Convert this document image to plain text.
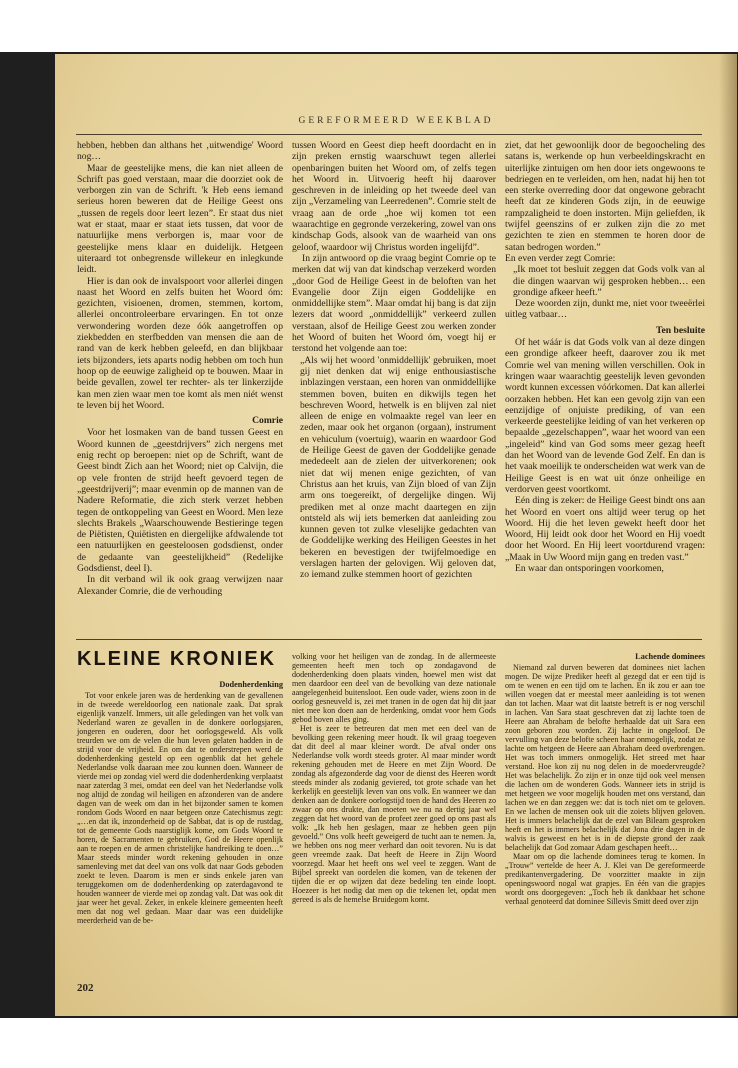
GEREFORMEERD WEEKBLAD

hebben, hebben dan althans het ‚uitwendige' Woord nog…

Maar de geestelijke mens, die kan niet alleen de Schrift pas goed verstaan, maar die doorziet ook de verborgen zin van de Schrift. 'k Heb eens iemand serieus horen beweren dat de Heilige Geest ons „tussen de regels door leert lezen”. Er staat dus niet wat er staat, maar er staat iets tussen, dat voor de natuurlijke mens verborgen is, maar voor de geestelijke mens klaar en duidelijk. Hetgeen uiteraard tot onbegrensde willekeur en inlegkunde leidt.

Hier is dan ook de invalspoort voor allerlei dingen naast het Woord en zelfs buiten het Woord óm: gezichten, visioenen, dromen, stemmen, kortom, allerlei oncontroleerbare ervaringen. En tot onze verwondering worden deze óók aangetroffen op ziekbedden en sterfbedden van mensen die aan de rand van de kerk hebben geleefd, en dan blijkbaar iets bijzonders, iets aparts nodig hebben om toch hun hoop op de eeuwige zaligheid op te bouwen. Maar in beide gevallen, zowel ter rechter- als ter linkerzijde kan men zien waar men toe komt als men niét wenst te leven bij het Woord.

Comrie

Voor het losmaken van de band tussen Geest en Woord kunnen de „geestdrijvers” zich nergens met enig recht op beroepen: niet op de Schrift, want de Geest bindt Zich aan het Woord; niet op Calvijn, die op vele fronten de strijd heeft gevoerd tegen de „geestdrijverij”; maar evenmin op de mannen van de Nadere Reformatie, die zich sterk verzet hebben tegen de ontkoppeling van Geest en Woord. Men leze slechts Brakels „Waarschouwende Bestieringe tegen de Piëtisten, Quiëtisten en diergelijke afdwalende tot een natuurlijken en geesteloosen godsdienst, onder de gedaante van geestelijkheid” (Redelijke Godsdienst, deel I).

In dit verband wil ik ook graag verwijzen naar Alexander Comrie, die de verhouding

tussen Woord en Geest diep heeft doordacht en in zijn preken ernstig waarschuwt tegen allerlei openbaringen buiten het Woord om, of zelfs tegen het Woord in. Uitvoerig heeft hij daarover geschreven in de inleiding op het tweede deel van zijn „Verzameling van Leerredenen”. Comrie stelt de vraag aan de orde „hoe wij komen tot een waarachtige en gegronde verzekering, zowel van ons kindschap Gods, alsook van de waarheid van ons geloof, waardoor wij Christus worden ingelijfd”.

In zijn antwoord op die vraag begint Comrie op te merken dat wij van dat kindschap verzekerd worden „door God de Heilige Geest in de beloften van het Evangelie door Zijn eigen Goddelijke en onmiddellijke stem”. Maar omdat hij bang is dat zijn lezers dat woord „onmiddellijk” verkeerd zullen verstaan, alsof de Heilige Geest zou werken zonder het Woord of buiten het Woord óm, voegt hij er terstond het volgende aan toe:

„Als wij het woord 'onmiddellijk' gebruiken, moet gij niet denken dat wij enige enthousiastische inblazingen verstaan, een horen van onmiddellijke stemmen boven, buiten en dikwijls tegen het beschreven Woord, hetwelk is en blijven zal niet alleen de enige en volmaakte regel van leer en zeden, maar ook het organon (orgaan), instrument en vehiculum (voertuig), waarin en waardoor God de Heilige Geest de gaven der Goddelijke genade mededeelt aan de zielen der uitverkorenen; ook niet dat wij menen enige gezichten, of van Christus aan het kruis, van Zijn bloed of van Zijn arm ons toegereikt, of dergelijke dingen. Wij prediken met al onze macht daartegen en zijn ontsteld als wij iets bemerken dat aanleiding zou kunnen geven tot zulke vleselijke gedachten van de Goddelijke werking des Heiligen Geestes in het bekeren en bevestigen der twijfelmoedige en verslagen harten der gelovigen. Wij geloven dat, zo iemand zulke stemmen hoort of gezichten

ziet, dat het gewoonlijk door de begoocheling des satans is, werkende op hun verbeeldingskracht en uiterlijke zintuigen om hen door iets ongewoons te bedriegen en te verleiden, om hen, nadat hij hen tot een sterke overreding door dat ongewone gebracht heeft dat ze kinderen Gods zijn, in de eeuwige rampzaligheid te doen instorten. Mijn geliefden, ik twijfel geenszins of er zulken zijn die zo met gezichten te zien en stemmen te horen door de satan bedrogen worden.”

En even verder zegt Comrie:

„Ik moet tot besluit zeggen dat Gods volk van al die dingen waarvan wij gesproken hebben… een grondige afkeer heeft.”

Deze woorden zijn, dunkt me, niet voor tweeërlei uitleg vatbaar…

Ten besluite

Of het wáár is dat Gods volk van al deze dingen een grondige afkeer heeft, daarover zou ik met Comrie wel van mening willen verschillen. Ook in kringen waar waarachtig geestelijk leven gevonden wordt kunnen excessen vóórkomen. Dat kan allerlei oorzaken hebben. Het kan een gevolg zijn van een eenzijdige of onjuiste prediking, of van een verkeerde geestelijke leiding of van het verkeren op bepaalde „gezelschappen”, waar het woord van een „ingeleid” kind van God soms meer gezag heeft dan het Woord van de levende God Zelf. En dan is het vaak moeilijk te onderscheiden wat werk van de Heilige Geest is en wat uit ónze onheilige en verdorven geest voortkomt.

Eén ding is zeker: de Heilige Geest bindt ons aan het Woord en voert ons altijd weer terug op het Woord. Hij die het leven gewekt heeft door het Woord, Hij leidt ook door het Woord en Hij voedt door het Woord. En Hij leert voortdurend vragen: „Maak in Uw Woord mijn gang en treden vast.”

En waar dan ontsporingen voorkomen,

KLEINE KRONIEK
Dodenherdenking

Tot voor enkele jaren was de herdenking van de gevallenen in de tweede wereldoorlog een nationale zaak. Dat sprak eigenlijk vanzelf. Immers, uit alle geledingen van het volk van Nederland waren ze gevallen in de donkere oorlogsjaren, jongeren en ouderen, door het oorlogsgeweld. Als volk treurden we om de velen die hun leven gelaten hadden in de strijd voor de vrijheid. En om dat te onderstrepen werd de dodenherdenking gesteld op een ogenblik dat het gehele Nederlandse volk daaraan mee zou kunnen doen. Wanneer de vierde mei op zondag viel werd die dodenherdenking verplaatst naar zaterdag 3 mei, omdat een deel van het Nederlandse volk nog altijd de zondag wil heiligen en afzonderen van de andere dagen van de week om dan in het bijzonder samen te komen rondom Gods Woord en naar betgeen onze Catechismus zegt: „…en dat ik, inzonderheid op de Sabbat, dat is op de rustdag, tot de gemeente Gods naarstiglijk kome, om Gods Woord te horen, de Sacramenten te gebruiken, God de Heere openlijk aan te roepen en de armen christelijke handreiking te doen…” Maar steeds minder wordt rekening gehouden in onze samenleving met dat deel van ons volk dat naar Gods geboden zoekt te leven. Daarom is men er sinds enkele jaren van teruggekomen om de dodenherdenking op zaterdagavond te houden wanneer de vierde mei op zondag valt. Dat was ook dit jaar weer het geval. Zeker, in enkele kleinere gemeenten heeft men dat nog wel gedaan. Maar daar was een duidelijke meerderheid van de be-

volking voor het heiligen van de zondag. In de allermeeste gemeenten heeft men toch op zondagavond de dodenherdenking doen plaats vinden, hoewel men wist dat men daardoor een deel van de bevolking van deze nationale aangelegenheid buitensloot. Een oude vader, wiens zoon in de oorlog gesneuveld is, zei met tranen in de ogen dat hij dit jaar niet mee kon doen aan de herdenking, omdat voor hem Gods gebod boven alles ging.

Het is zeer te betreuren dat men met een deel van de bevolking geen rekening meer houdt. Ik wil graag toegeven dat dit deel al maar kleiner wordt. De afval onder ons Nederlandse volk wordt steeds groter. Al maar minder wordt rekening gehouden met de Heere en met Zijn Woord. De zondag als afgezonderde dag voor de dienst des Heeren wordt steeds minder als zodanig geviered, tot grote schade van het kerkelijk en geestelijk leven van ons volk. En wanneer we dan denken aan de donkere oorlogstijd toen de hand des Heeren zo zwaar op ons drukte, dan moeten we nu na dertig jaar wel zeggen dat het woord van de profeet zeer goed op ons past als volk: „Ik heb hen geslagen, maar ze hebben geen pijn gevoeld.” Ons volk heeft geweigerd de tucht aan te nemen. Ja, we hebben ons nog meer verhard dan ooit tevoren. Nu is dat geen vreemde zaak. Dat heeft de Heere in Zijn Woord voorzegd. Maar het heeft ons wel veel te zeggen. Want de Bijbel spreekt van oordelen die komen, van de tekenen der tijden die er op wijzen dat deze bedeling ten einde loopt. Hoezeer is het nodig dat men op die tekenen let, opdat men gereed is als de hemelse Bruidegom komt.

Lachende dominees

Niemand zal durven beweren dat dominees niet lachen mogen. De wijze Prediker heeft al gezegd dat er een tijd is om te wenen en een tijd om te lachen. En ik zou er aan toe willen voegen dat er meestal meer aanleiding is tot wenen dan tot lachen. Maar wat dit laatste betreft is er nog verschil in lachen. Van Sara staat geschreven dat zij lachte toen de Heere aan Abraham de belofte herhaalde dat uit Sara een zoon geboren zou worden. Zij lachte in ongeloof. De vervulling van deze belofte scheen haar onmogelijk, zodat ze lachte om hetgeen de Heere aan Abraham deed overbrengen. Het was toch immers onmogelijk. Het streed met haar verstand. Hoe kon zij nu nog delen in de moedervreugde? Het was belachelijk. Zo zijn er in onze tijd ook veel mensen die lachen om de wonderen Gods. Wanneer iets in strijd is met hetgeen we voor mogelijk houden met ons verstand, dan lachen we en dan zeggen we: dat is toch niet om te geloven. En we lachen de mensen ook uit die zoiets blijven geloven. Het is immers belachelijk dat de ezel van Bileam gesproken heeft en het is immers belachelijk dat Jona drie dagen in de walvis is geweest en het is in de diepste grond der zaak belachelijk dat God zomaar Adam geschapen heeft…

Maar om op die lachende dominees terug te komen. In „Trouw” vertelde de heer A. J. Klei van De gereformeerde predikantenvergadering. De voorzitter maakte in zijn openingswoord nogal wat grapjes. En één van die grapjes wordt ons doorgegeven: „Toch heb ik dankbaar het schone verhaal genoteerd dat dominee Sillevis Smitt deed over zijn

202
